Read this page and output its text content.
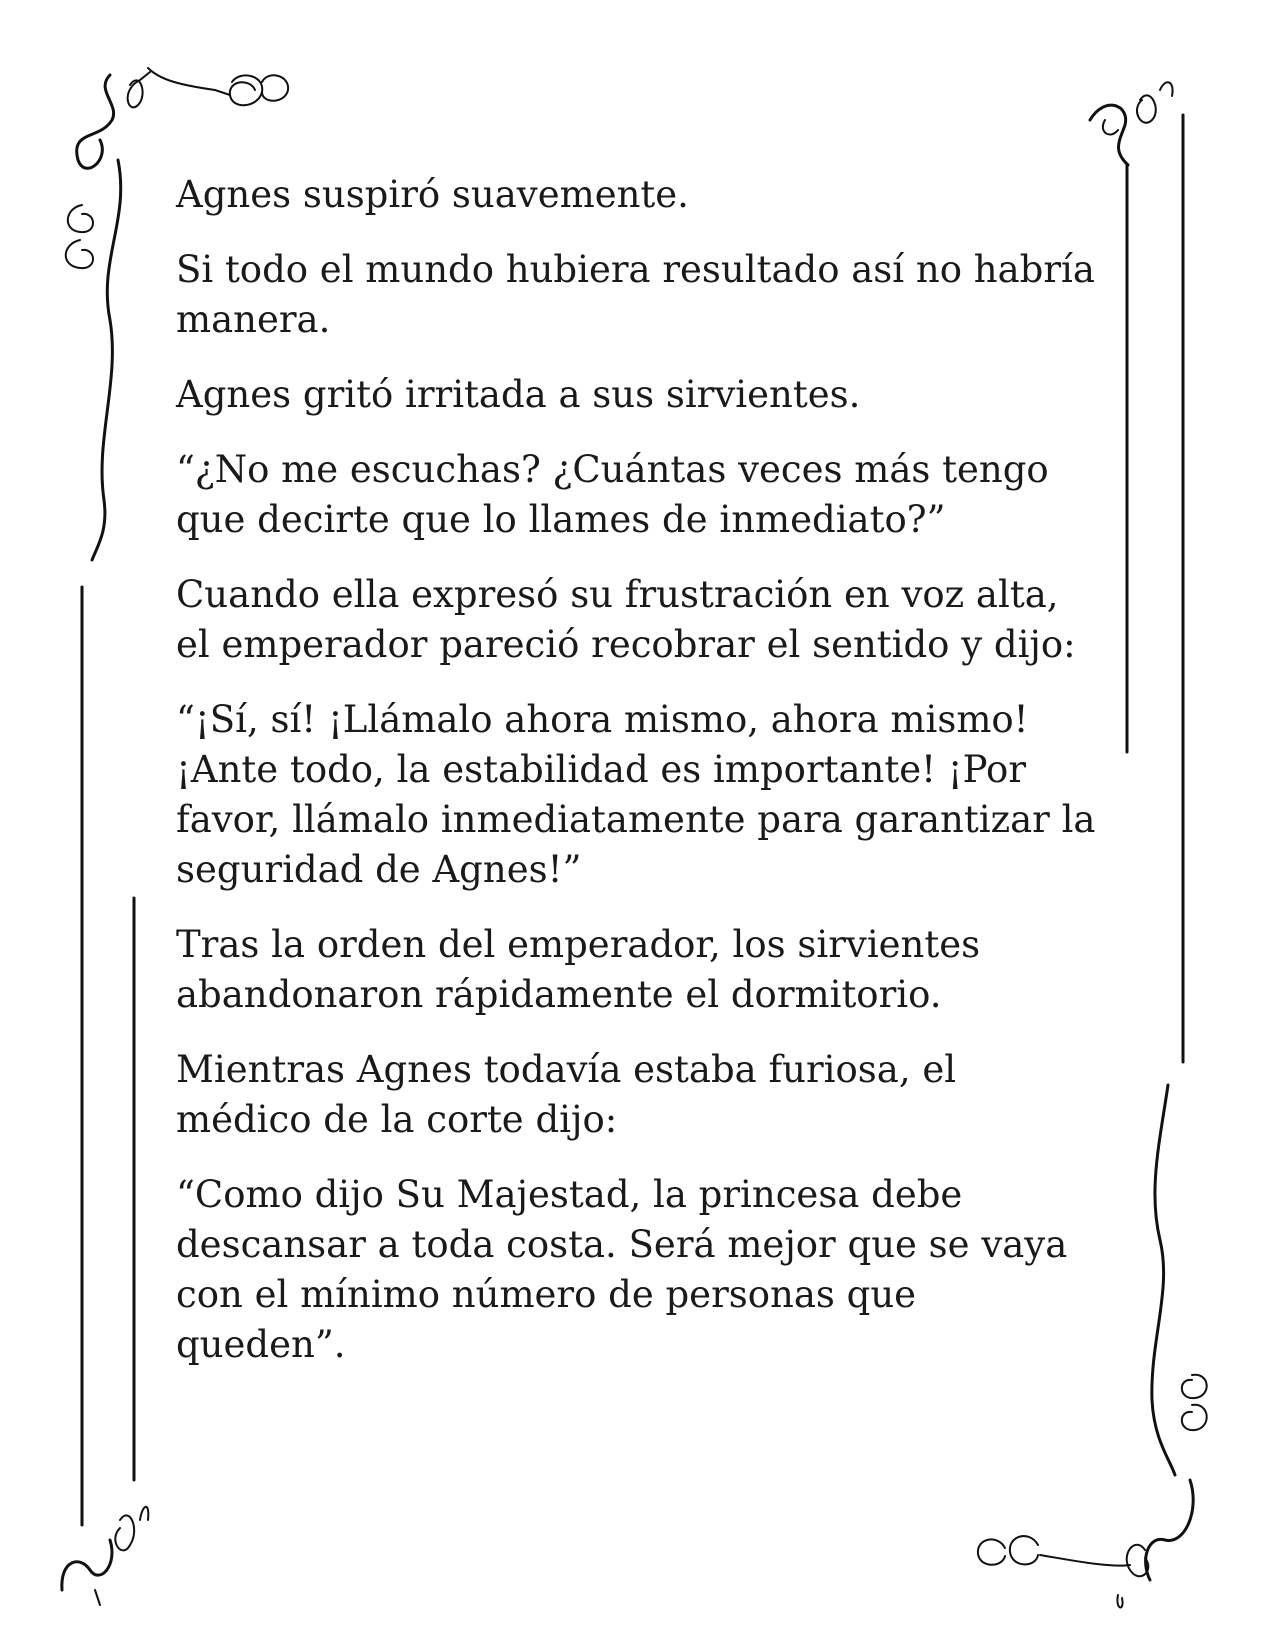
Agnes suspiró suavemente.

Si todo el mundo hubiera resultado así no habría manera.

Agnes gritó irritada a sus sirvientes.

“¿No me escuchas? ¿Cuántas veces más tengo que decirte que lo llames de inmediato?”

Cuando ella expresó su frustración en voz alta, el emperador pareció recobrar el sentido y dijo:

“¡Sí, sí! ¡Llámalo ahora mismo, ahora mismo! ¡Ante todo, la estabilidad es importante! ¡Por favor, llámalo inmediatamente para garantizar la seguridad de Agnes!”

Tras la orden del emperador, los sirvientes abandonaron rápidamente el dormitorio.

Mientras Agnes todavía estaba furiosa, el médico de la corte dijo:

“Como dijo Su Majestad, la princesa debe descansar a toda costa. Será mejor que se vaya con el mínimo número de personas que queden”.
